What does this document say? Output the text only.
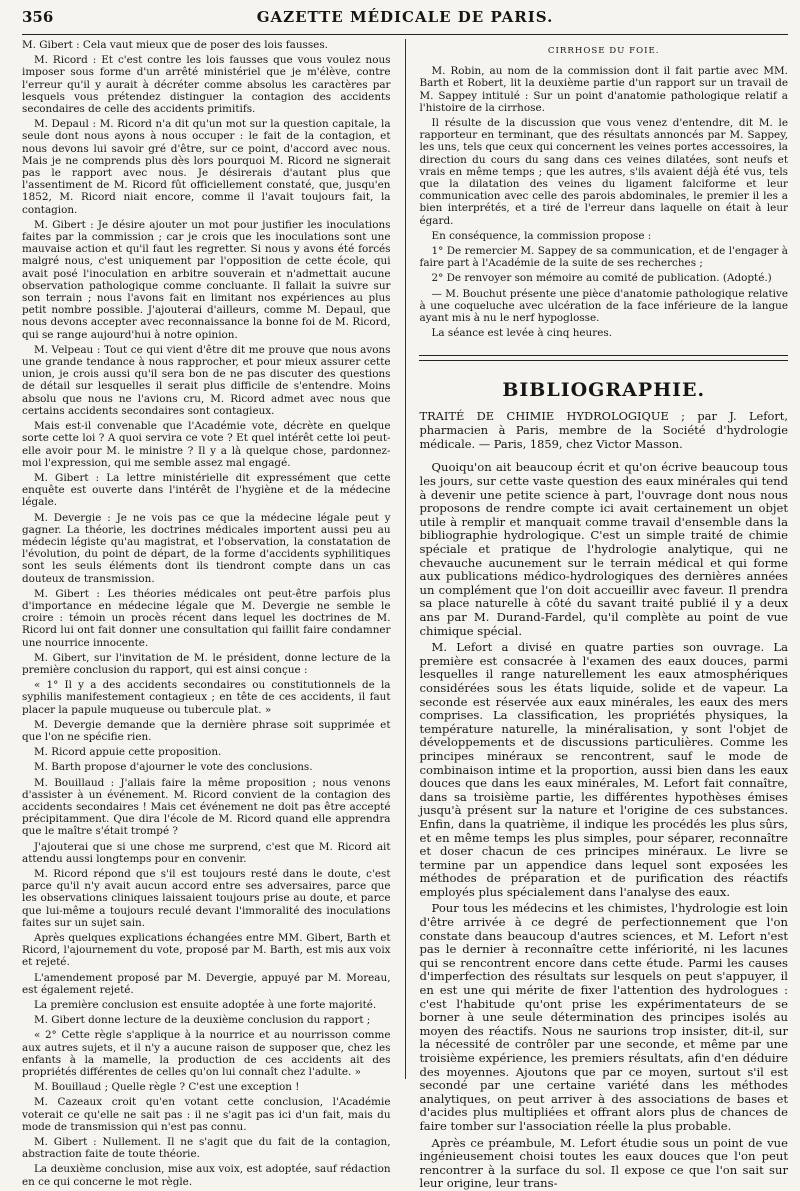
356	GAZETTE MÉDICALE DE PARIS.

M. Gibert : Cela vaut mieux que de poser des lois fausses.

M. Ricord : Et c'est contre les lois fausses que vous voulez nous imposer sous forme d'un arrêté ministériel que je m'élève, contre l'erreur qu'il y aurait à décréter comme absolus les caractères par lesquels vous prétendez distinguer la contagion des accidents secondaires de celle des accidents primitifs.

M. Depaul : M. Ricord n'a dit qu'un mot sur la question capitale, la seule dont nous ayons à nous occuper : le fait de la contagion, et nous devons lui savoir gré d'être, sur ce point, d'accord avec nous. Mais je ne comprends plus dès lors pourquoi M. Ricord ne signerait pas le rapport avec nous. Je désirerais d'autant plus que l'assentiment de M. Ricord fût officiellement constaté, que, jusqu'en 1852, M. Ricord niait encore, comme il l'avait toujours fait, la contagion.

M. Gibert : Je désire ajouter un mot pour justifier les inoculations faites par la commission ; car je crois que les inoculations sont une mauvaise action et qu'il faut les regretter. Si nous y avons été forcés malgré nous, c'est uniquement par l'opposition de cette école, qui avait posé l'inoculation en arbitre souverain et n'admettait aucune observation pathologique comme concluante. Il fallait la suivre sur son terrain ; nous l'avons fait en limitant nos expériences au plus petit nombre possible. J'ajouterai d'ailleurs, comme M. Depaul, que nous devons accepter avec reconnaissance la bonne foi de M. Ricord, qui se range aujourd'hui à notre opinion.

M. Velpeau : Tout ce qui vient d'être dit me prouve que nous avons une grande tendance à nous rapprocher, et pour mieux assurer cette union, je crois aussi qu'il sera bon de ne pas discuter des questions de détail sur lesquelles il serait plus difficile de s'entendre. Moins absolu que nous ne l'avions cru, M. Ricord admet avec nous que certains accidents secondaires sont contagieux.

Mais est-il convenable que l'Académie vote, décrète en quelque sorte cette loi ? A quoi servira ce vote ? Et quel intérêt cette loi peut-elle avoir pour M. le ministre ? Il y a là quelque chose, pardonnez-moi l'expression, qui me semble assez mal engagé.

M. Gibert : La lettre ministérielle dit expressément que cette enquête est ouverte dans l'intérêt de l'hygiène et de la médecine légale.

M. Devergie : Je ne vois pas ce que la médecine légale peut y gagner. La théorie, les doctrines médicales importent aussi peu au médecin légiste qu'au magistrat, et l'observation, la constatation de l'évolution, du point de départ, de la forme d'accidents syphilitiques sont les seuls éléments dont ils tiendront compte dans un cas douteux de transmission.

M. Gibert : Les théories médicales ont peut-être parfois plus d'importance en médecine légale que M. Devergie ne semble le croire : témoin un procès récent dans lequel les doctrines de M. Ricord lui ont fait donner une consultation qui faillit faire condamner une nourrice innocente.

M. Gibert, sur l'invitation de M. le président, donne lecture de la première conclusion du rapport, qui est ainsi conçue :

« 1° Il y a des accidents secondaires ou constitutionnels de la syphilis manifestement contagieux ; en tête de ces accidents, il faut placer la papule muqueuse ou tubercule plat. »

M. Devergie demande que la dernière phrase soit supprimée et que l'on ne spécifie rien.

M. Ricord appuie cette proposition.

M. Barth propose d'ajourner le vote des conclusions.

M. Bouillaud : J'allais faire la même proposition ; nous venons d'assister à un événement. M. Ricord convient de la contagion des accidents secondaires ! Mais cet événement ne doit pas être accepté précipitamment. Que dira l'école de M. Ricord quand elle apprendra que le maître s'était trompé ?

J'ajouterai que si une chose me surprend, c'est que M. Ricord ait attendu aussi longtemps pour en convenir.

M. Ricord répond que s'il est toujours resté dans le doute, c'est parce qu'il n'y avait aucun accord entre ses adversaires, parce que les observations cliniques laissaient toujours prise au doute, et parce que lui-même a toujours reculé devant l'immoralité des inoculations faites sur un sujet sain.

Après quelques explications échangées entre MM. Gibert, Barth et Ricord, l'ajournement du vote, proposé par M. Barth, est mis aux voix et rejeté.

L'amendement proposé par M. Devergie, appuyé par M. Moreau, est également rejeté.

La première conclusion est ensuite adoptée à une forte majorité.

M. Gibert donne lecture de la deuxième conclusion du rapport ;

« 2° Cette règle s'applique à la nourrice et au nourrisson comme aux autres sujets, et il n'y a aucune raison de supposer que, chez les enfants à la mamelle, la production de ces accidents ait des propriétés différentes de celles qu'on lui connaît chez l'adulte. »

M. Bouillaud ; Quelle règle ? C'est une exception !

M. Cazeaux croit qu'en votant cette conclusion, l'Académie voterait ce qu'elle ne sait pas : il ne s'agit pas ici d'un fait, mais du mode de transmission qui n'est pas connu.

M. Gibert : Nullement. Il ne s'agit que du fait de la contagion, abstraction faite de toute théorie.

La deuxième conclusion, mise aux voix, est adoptée, sauf rédaction en ce qui concerne le mot règle.

CIRRHOSE DU FOIE.

M. Robin, au nom de la commission dont il fait partie avec MM. Barth et Robert, lit la deuxième partie d'un rapport sur un travail de M. Sappey intitulé : Sur un point d'anatomie pathologique relatif a l'histoire de la cirrhose.

Il résulte de la discussion que vous venez d'entendre, dit M. le rapporteur en terminant, que des résultats annoncés par M. Sappey, les uns, tels que ceux qui concernent les veines portes accessoires, la direction du cours du sang dans ces veines dilatées, sont neufs et vrais en même temps ; que les autres, s'ils avaient déjà été vus, tels que la dilatation des veines du ligament falciforme et leur communication avec celle des parois abdominales, le premier il les a bien interprétés, et a tiré de l'erreur dans laquelle on était à leur égard.

En conséquence, la commission propose :

1° De remercier M. Sappey de sa communication, et de l'engager à faire part à l'Académie de la suite de ses recherches ;

2° De renvoyer son mémoire au comité de publication. (Adopté.)

— M. Bouchut présente une pièce d'anatomie pathologique relative à une coqueluche avec ulcération de la face inférieure de la langue ayant mis à nu le nerf hypoglosse.

La séance est levée à cinq heures.

BIBLIOGRAPHIE.

TRAITÉ DE CHIMIE HYDROLOGIQUE ; par J. Lefort, pharmacien à Paris, membre de la Société d'hydrologie médicale. — Paris, 1859, chez Victor Masson.

Quoiqu'on ait beaucoup écrit et qu'on écrive beaucoup tous les jours, sur cette vaste question des eaux minérales qui tend à devenir une petite science à part, l'ouvrage dont nous nous proposons de rendre compte ici avait certainement un objet utile à remplir et manquait comme travail d'ensemble dans la bibliographie hydrologique. C'est un simple traité de chimie spéciale et pratique de l'hydrologie analytique, qui ne chevauche aucunement sur le terrain médical et qui forme aux publications médico-hydrologiques des dernières années un complément que l'on doit accueillir avec faveur. Il prendra sa place naturelle à côté du savant traité publié il y a deux ans par M. Durand-Fardel, qu'il complète au point de vue chimique spécial.

M. Lefort a divisé en quatre parties son ouvrage. La première est consacrée à l'examen des eaux douces, parmi lesquelles il range naturellement les eaux atmosphériques considérées sous les états liquide, solide et de vapeur. La seconde est réservée aux eaux minérales, les eaux des mers comprises. La classification, les propriétés physiques, la température naturelle, la minéralisation, y sont l'objet de développements et de discussions particulières. Comme les principes minéraux se rencontrent, sauf le mode de combinaison intime et la proportion, aussi bien dans les eaux douces que dans les eaux minérales, M. Lefort fait connaître, dans sa troisième partie, les différentes hypothèses émises jusqu'à présent sur la nature et l'origine de ces substances. Enfin, dans la quatrième, il indique les procédés les plus sûrs, et en même temps les plus simples, pour séparer, reconnaître et doser chacun de ces principes minéraux. Le livre se termine par un appendice dans lequel sont exposées les méthodes de préparation et de purification des réactifs employés plus spécialement dans l'analyse des eaux.

Pour tous les médecins et les chimistes, l'hydrologie est loin d'être arrivée à ce degré de perfectionnement que l'on constate dans beaucoup d'autres sciences, et M. Lefort n'est pas le dernier à reconnaître cette infériorité, ni les lacunes qui se rencontrent encore dans cette étude. Parmi les causes d'imperfection des résultats sur lesquels on peut s'appuyer, il en est une qui mérite de fixer l'attention des hydrologues : c'est l'habitude qu'ont prise les expérimentateurs de se borner à une seule détermination des principes isolés au moyen des réactifs. Nous ne saurions trop insister, dit-il, sur la nécessité de contrôler par une seconde, et même par une troisième expérience, les premiers résultats, afin d'en déduire des moyennes. Ajoutons que par ce moyen, surtout s'il est secondé par une certaine variété dans les méthodes analytiques, on peut arriver à des associations de bases et d'acides plus multipliées et offrant alors plus de chances de faire tomber sur l'association réelle la plus probable.

Après ce préambule, M. Lefort étudie sous un point de vue ingénieusement choisi toutes les eaux douces que l'on peut rencontrer à la surface du sol. Il expose ce que l'on sait sur leur origine, leur trans-
